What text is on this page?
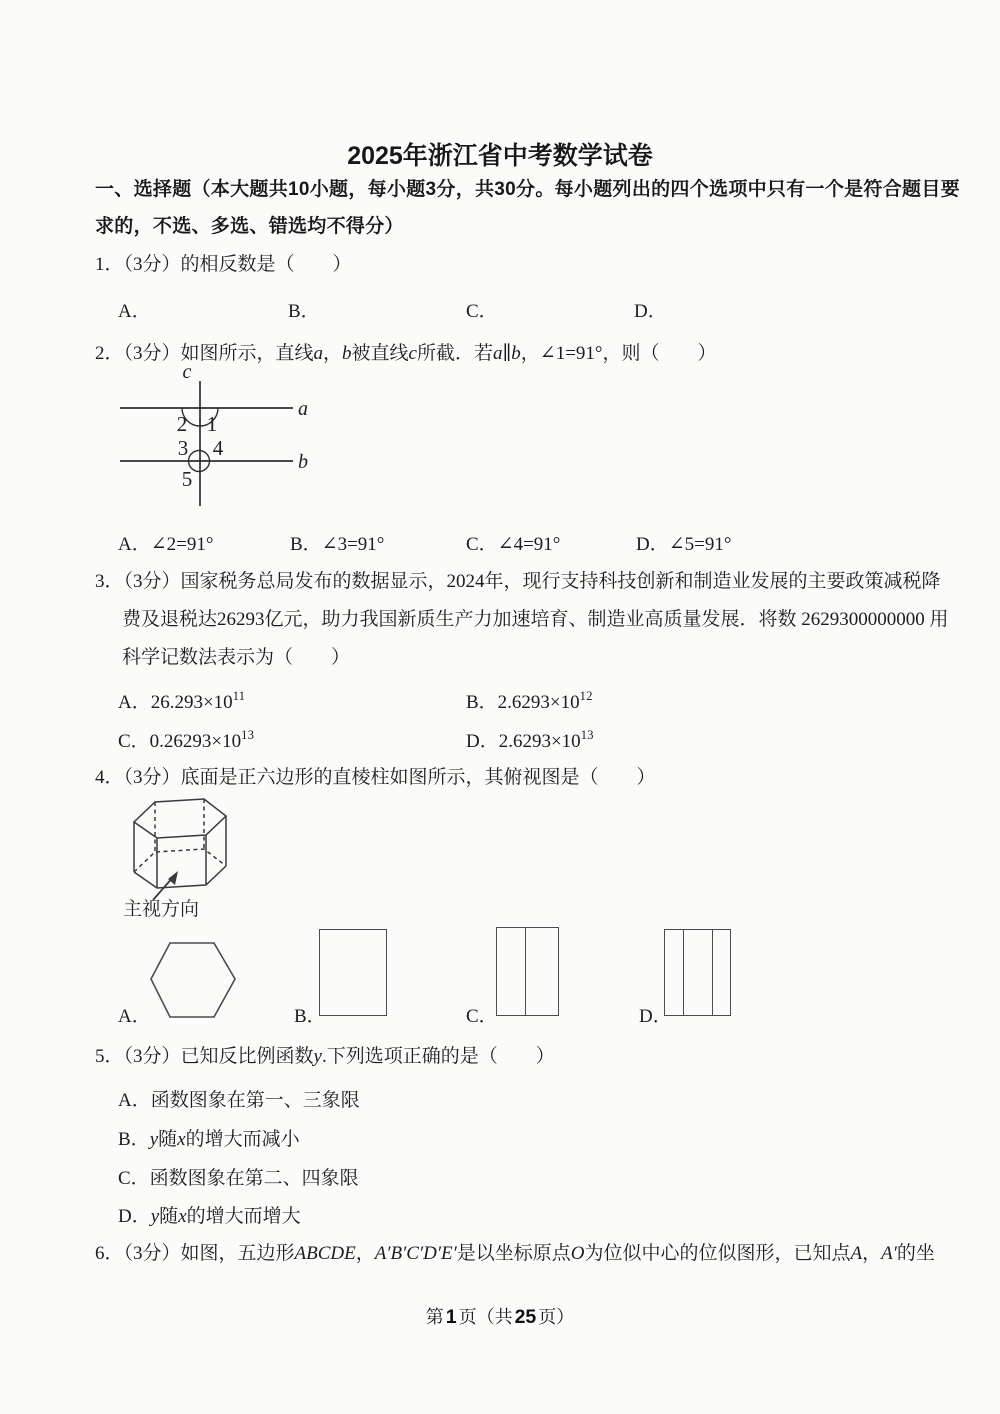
2025年浙江省中考数学试卷
一、选择题（本大题共10小题，每小题3分，共30分。每小题列出的四个选项中只有一个是符合题目要
求的，不选、多选、错选均不得分）
1．（3分）的相反数是（　　）
A．	B．	C．	D．
2．（3分）如图所示，直线a，b被直线c所截．若a∥b，∠1=91°，则（　　）
c
a
b
2 1
3 4
5
A．∠2=91°	B．∠3=91°	C．∠4=91°	D．∠5=91°
3．（3分）国家税务总局发布的数据显示，2024年，现行支持科技创新和制造业发展的主要政策减税降
费及退税达26293亿元，助力我国新质生产力加速培育、制造业高质量发展．将数 2629300000000 用
科学记数法表示为（　　）
A．$26.293\times 10^{11}$	B．$2.6293\times 10^{12}$
C．$0.26293\times 10^{13}$	D．$2.6293\times 10^{13}$
4．（3分）底面是正六边形的直棱柱如图所示，其俯视图是（　　）
主视方向
A．	B．	C．	D．
5．（3分）已知反比例函数y.下列选项正确的是（　　）
A．函数图象在第一、三象限
B．y随x的增大而减小
C．函数图象在第二、四象限
D．y随x的增大而增大
6．（3分）如图，五边形ABCDE，A′B′C′D′E′是以坐标原点O为位似中心的位似图形，已知点A，A′的坐
第 1 页（共 25 页）
